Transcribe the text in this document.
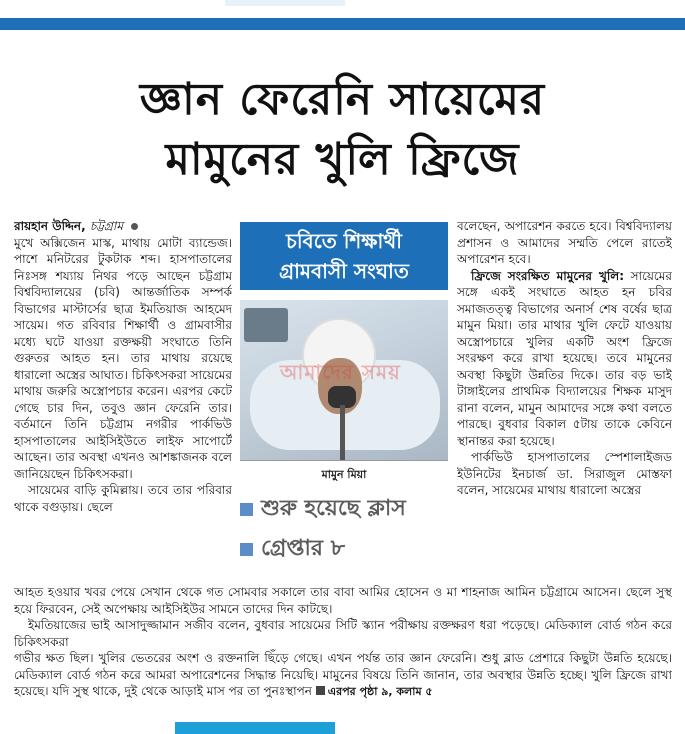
জ্ঞান ফেরেনি সায়েমের
মামুনের খুলি ফ্রিজে

রায়হান উদ্দিন, চট্টগ্রাম

মুখে অক্সিজেন মাস্ক, মাথায় মোটা ব্যান্ডেজ। পাশে মনিটরের টুকটাক শব্দ। হাসপাতালের নিঃসঙ্গ শয্যায় নিথর পড়ে আছেন চট্টগ্রাম বিশ্ববিদ্যালয়ের (চবি) আন্তর্জাতিক সম্পর্ক বিভাগের মাস্টার্সের ছাত্র ইমতিয়াজ আহমেদ সায়েম। গত রবিবার শিক্ষার্থী ও গ্রামবাসীর মধ্যে ঘটে যাওয়া রক্তক্ষয়ী সংঘাতে তিনি গুরুতর আহত হন। তার মাথায় রয়েছে ধারালো অস্ত্রের আঘাত। চিকিৎসকরা সায়েমের মাথায় জরুরি অস্ত্রোপচার করেন। এরপর কেটে গেছে চার দিন, তবুও জ্ঞান ফেরেনি তার। বর্তমানে তিনি চট্টগ্রাম নগরীর পার্কভিউ হাসপাতালের আইসিইউতে লাইফ সাপোর্টে আছেন। তার অবস্থা এখনও আশঙ্কাজনক বলে জানিয়েছেন চিকিৎসকরা।

সায়েমের বাড়ি কুমিল্লায়। তবে তার পরিবার থাকে বগুড়ায়। ছেলে

চবিতে শিক্ষার্থী
গ্রামবাসী সংঘাত
আমাদের সময়
মামুন মিয়া
শুরু হয়েছে ক্লাস
গ্রেপ্তার ৮

বলেছেন, অপারেশন করতে হবে। বিশ্ববিদ্যালয় প্রশাসন ও আমাদের সম্মতি পেলে রাতেই অপারেশন হবে।

ফ্রিজে সংরক্ষিত মামুনের খুলি: সায়েমের সঙ্গে একই সংঘাতে আহত হন চবির সমাজতত্ত্ব বিভাগের অনার্স শেষ বর্ষের ছাত্র মামুন মিয়া। তার মাথার খুলি ফেটে যাওয়ায় অস্ত্রোপচারে খুলির একটি অংশ ফ্রিজে সংরক্ষণ করে রাখা হয়েছে। তবে মামুনের অবস্থা কিছুটা উন্নতির দিকে। তার বড় ভাই টাঙ্গাইলের প্রাথমিক বিদ্যালয়ের শিক্ষক মাসুদ রানা বলেন, মামুন আমাদের সঙ্গে কথা বলতে পারছে। বুধবার বিকাল ৫টায় তাকে কেবিনে স্থানান্তর করা হয়েছে।

পার্কভিউ হাসপাতালের স্পেশালাইজড ইউনিটের ইনচার্জ ডা. সিরাজুল মোস্তফা বলেন, সায়েমের মাথায় ধারালো অস্ত্রের

আহত হওয়ার খবর পেয়ে সেখান থেকে গত সোমবার সকালে তার বাবা আমির হোসেন ও মা শাহনাজ আমিন চট্টগ্রামে আসেন। ছেলে সুস্থ হয়ে ফিরবেন, সেই অপেক্ষায় আইসিইউর সামনে তাদের দিন কাটছে।

ইমতিয়াজের ভাই আসাদুজ্জামান সজীব বলেন, বুধবার সায়েমের সিটি স্ক্যান পরীক্ষায় রক্তক্ষরণ ধরা পড়েছে। মেডিক্যাল বোর্ড গঠন করে চিকিৎসকরা

গভীর ক্ষত ছিল। খুলির ভেতরের অংশ ও রক্তনালি ছিঁড়ে গেছে। এখন পর্যন্ত তার জ্ঞান ফেরেনি। শুধু ব্লাড প্রেশারে কিছুটা উন্নতি হয়েছে। মেডিক্যাল বোর্ড গঠন করে আমরা অপারেশনের সিদ্ধান্ত নিয়েছি। মামুনের বিষয়ে তিনি জানান, তার অবস্থার উন্নতি হচ্ছে। খুলি ফ্রিজে রাখা হয়েছে। যদি সুস্থ থাকে, দুই থেকে আড়াই মাস পর তা পুনঃস্থাপন এরপর পৃষ্ঠা ৯, কলাম ৫
